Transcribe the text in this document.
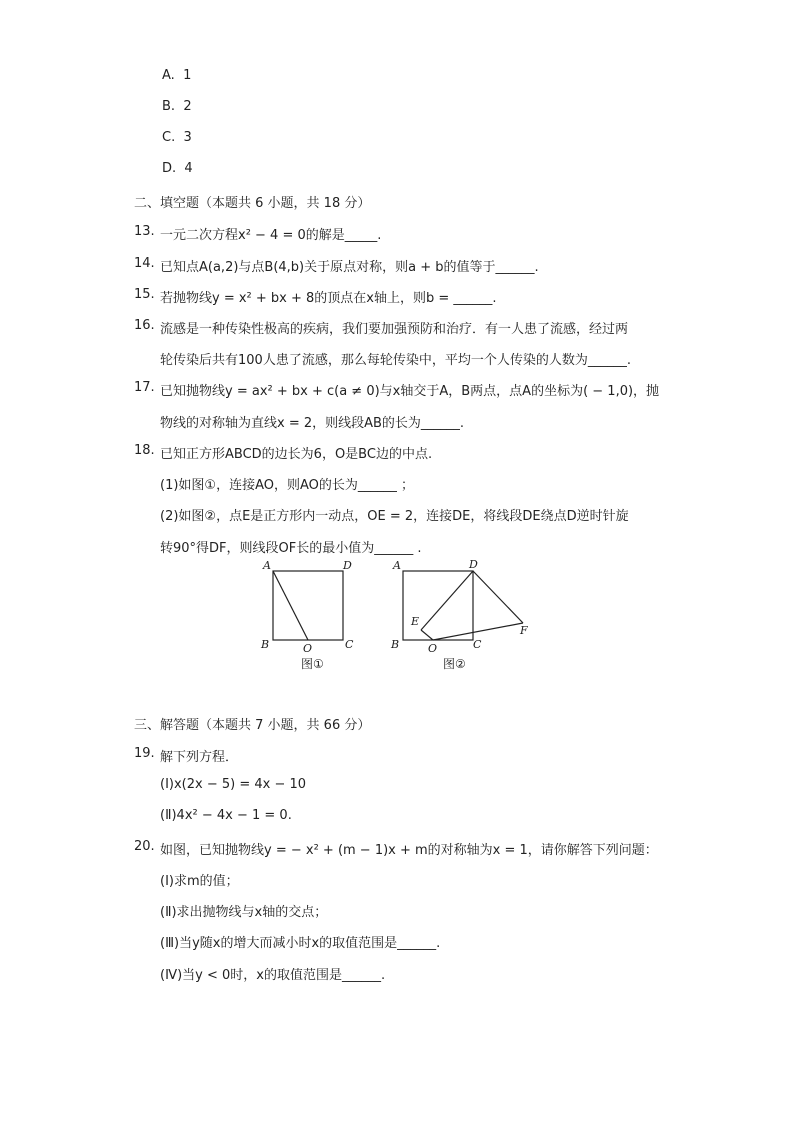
A. 1
B. 2
C. 3
D. 4
二、填空题（本题共 6 小题，共 18 分）
13. 一元二次方程x² − 4 = 0的解是_____.
14. 已知点A(a,2)与点B(4,b)关于原点对称，则a + b的值等于______.
15. 若抛物线y = x² + bx + 8的顶点在x轴上，则b = ______.
16. 流感是一种传染性极高的疾病，我们要加强预防和治疗．有一人患了流感，经过两
轮传染后共有100人患了流感，那么每轮传染中，平均一个人传染的人数为______.
17. 已知抛物线y = ax² + bx + c(a ≠ 0)与x轴交于A，B两点，点A的坐标为( − 1,0)，抛
物线的对称轴为直线x = 2，则线段AB的长为______.
18. 已知正方形ABCD的边长为6，O是BC边的中点.
(1)如图①，连接AO，则AO的长为______ ；
(2)如图②，点E是正方形内一动点，OE = 2，连接DE，将线段DE绕点D逆时针旋
转90°得DF，则线段OF长的最小值为______ .
A	D
B	C
O
图①
A	D
B	C
O
E
F
图②
三、解答题（本题共 7 小题，共 66 分）
19. 解下列方程．
(Ⅰ)x(2x − 5) = 4x − 10
(Ⅱ)4x² − 4x − 1 = 0.
20. 如图，已知抛物线y = − x² + (m − 1)x + m的对称轴为x = 1，请你解答下列问题：
(Ⅰ)求m的值；
(Ⅱ)求出抛物线与x轴的交点；
(Ⅲ)当y随x的增大而减小时x的取值范围是______.
(Ⅳ)当y < 0时，x的取值范围是______.
